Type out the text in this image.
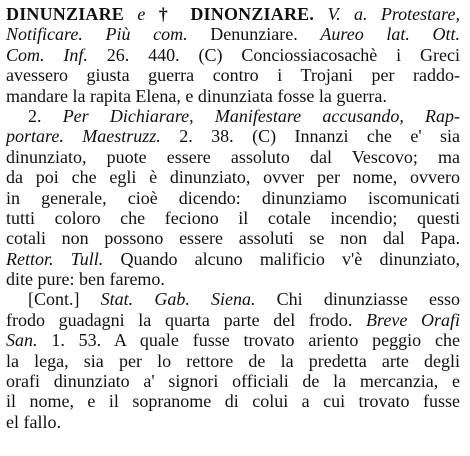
DINUNZIARE e † DINONZIARE. V. a. Protestare,
Notificare. Più com. Denunziare. Aureo lat. Ott.
Com. Inf. 26. 440. (C) Conciossiacosachè i Greci
avessero giusta guerra contro i Trojani per raddo-
mandare la rapita Elena, e dinunziata fosse la guerra.
2. Per Dichiarare, Manifestare accusando, Rap-
portare. Maestruzz. 2. 38. (C) Innanzi che e' sia
dinunziato, puote essere assoluto dal Vescovo; ma
da poi che egli è dinunziato, ovver per nome, ovvero
in generale, cioè dicendo: dinunziamo iscomunicati
tutti coloro che feciono il cotale incendio; questi
cotali non possono essere assoluti se non dal Papa.
Rettor. Tull. Quando alcuno malificio v'è dinunziato,
dite pure: ben faremo.
[Cont.] Stat. Gab. Siena. Chi dinunziasse esso
frodo guadagni la quarta parte del frodo. Breve Orafi
San. 1. 53. A quale fusse trovato ariento peggio che
la lega, sia per lo rettore de la predetta arte degli
orafi dinunziato a' signori officiali de la mercanzia, e
il nome, e il sopranome di colui a cui trovato fusse
el fallo.
